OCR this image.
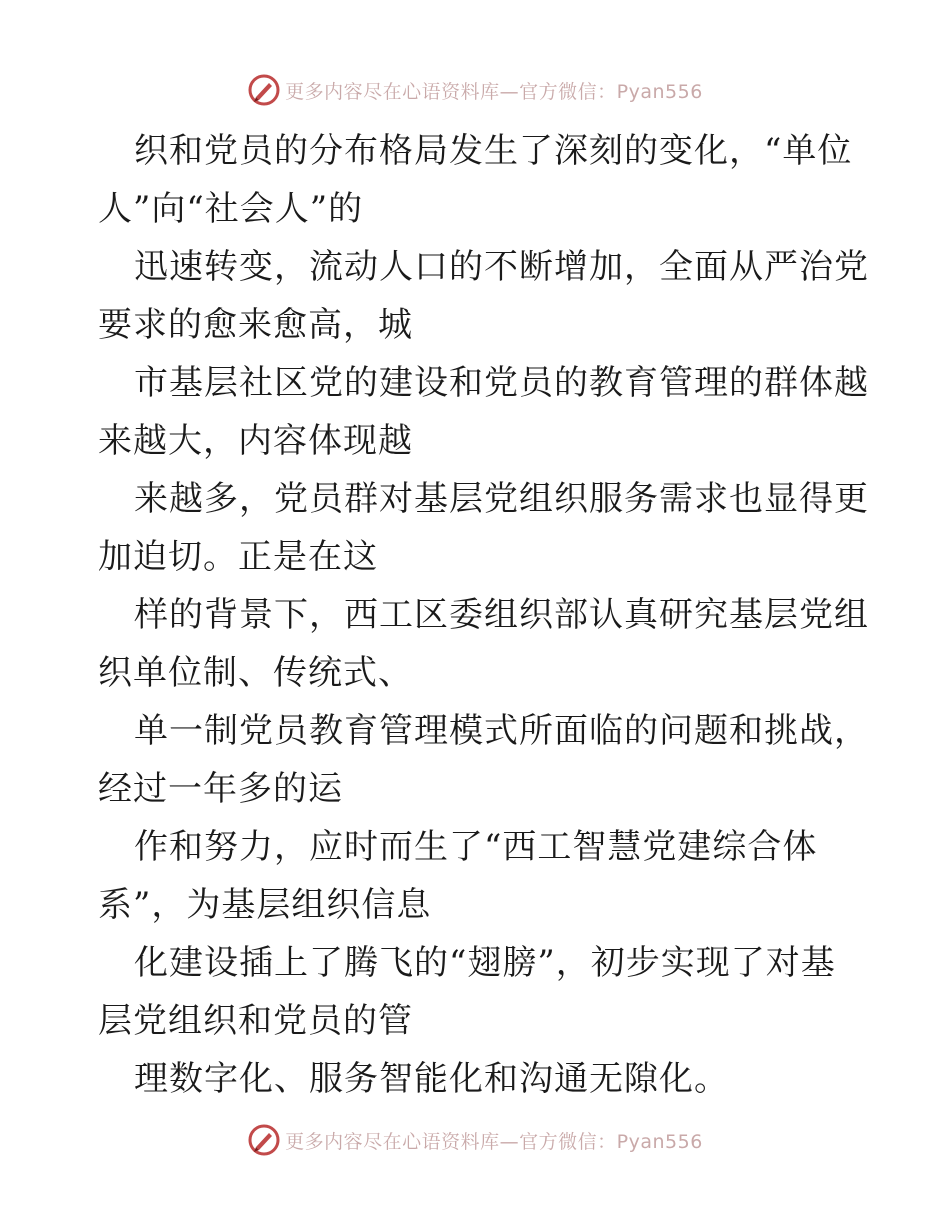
更多内容尽在心语资料库—官方微信：Pyan556

织和党员的分布格局发生了深刻的变化，“单位
人”向“社会人”的

迅速转变，流动人口的不断增加，全面从严治党
要求的愈来愈高，城

市基层社区党的建设和党员的教育管理的群体越
来越大，内容体现越

来越多，党员群对基层党组织服务需求也显得更
加迫切。正是在这

样的背景下，西工区委组织部认真研究基层党组
织单位制、传统式、

单一制党员教育管理模式所面临的问题和挑战，
经过一年多的运

作和努力，应时而生了“西工智慧党建综合体
系”，为基层组织信息

化建设插上了腾飞的“翅膀”，初步实现了对基
层党组织和党员的管

理数字化、服务智能化和沟通无隙化。

更多内容尽在心语资料库—官方微信：Pyan556
